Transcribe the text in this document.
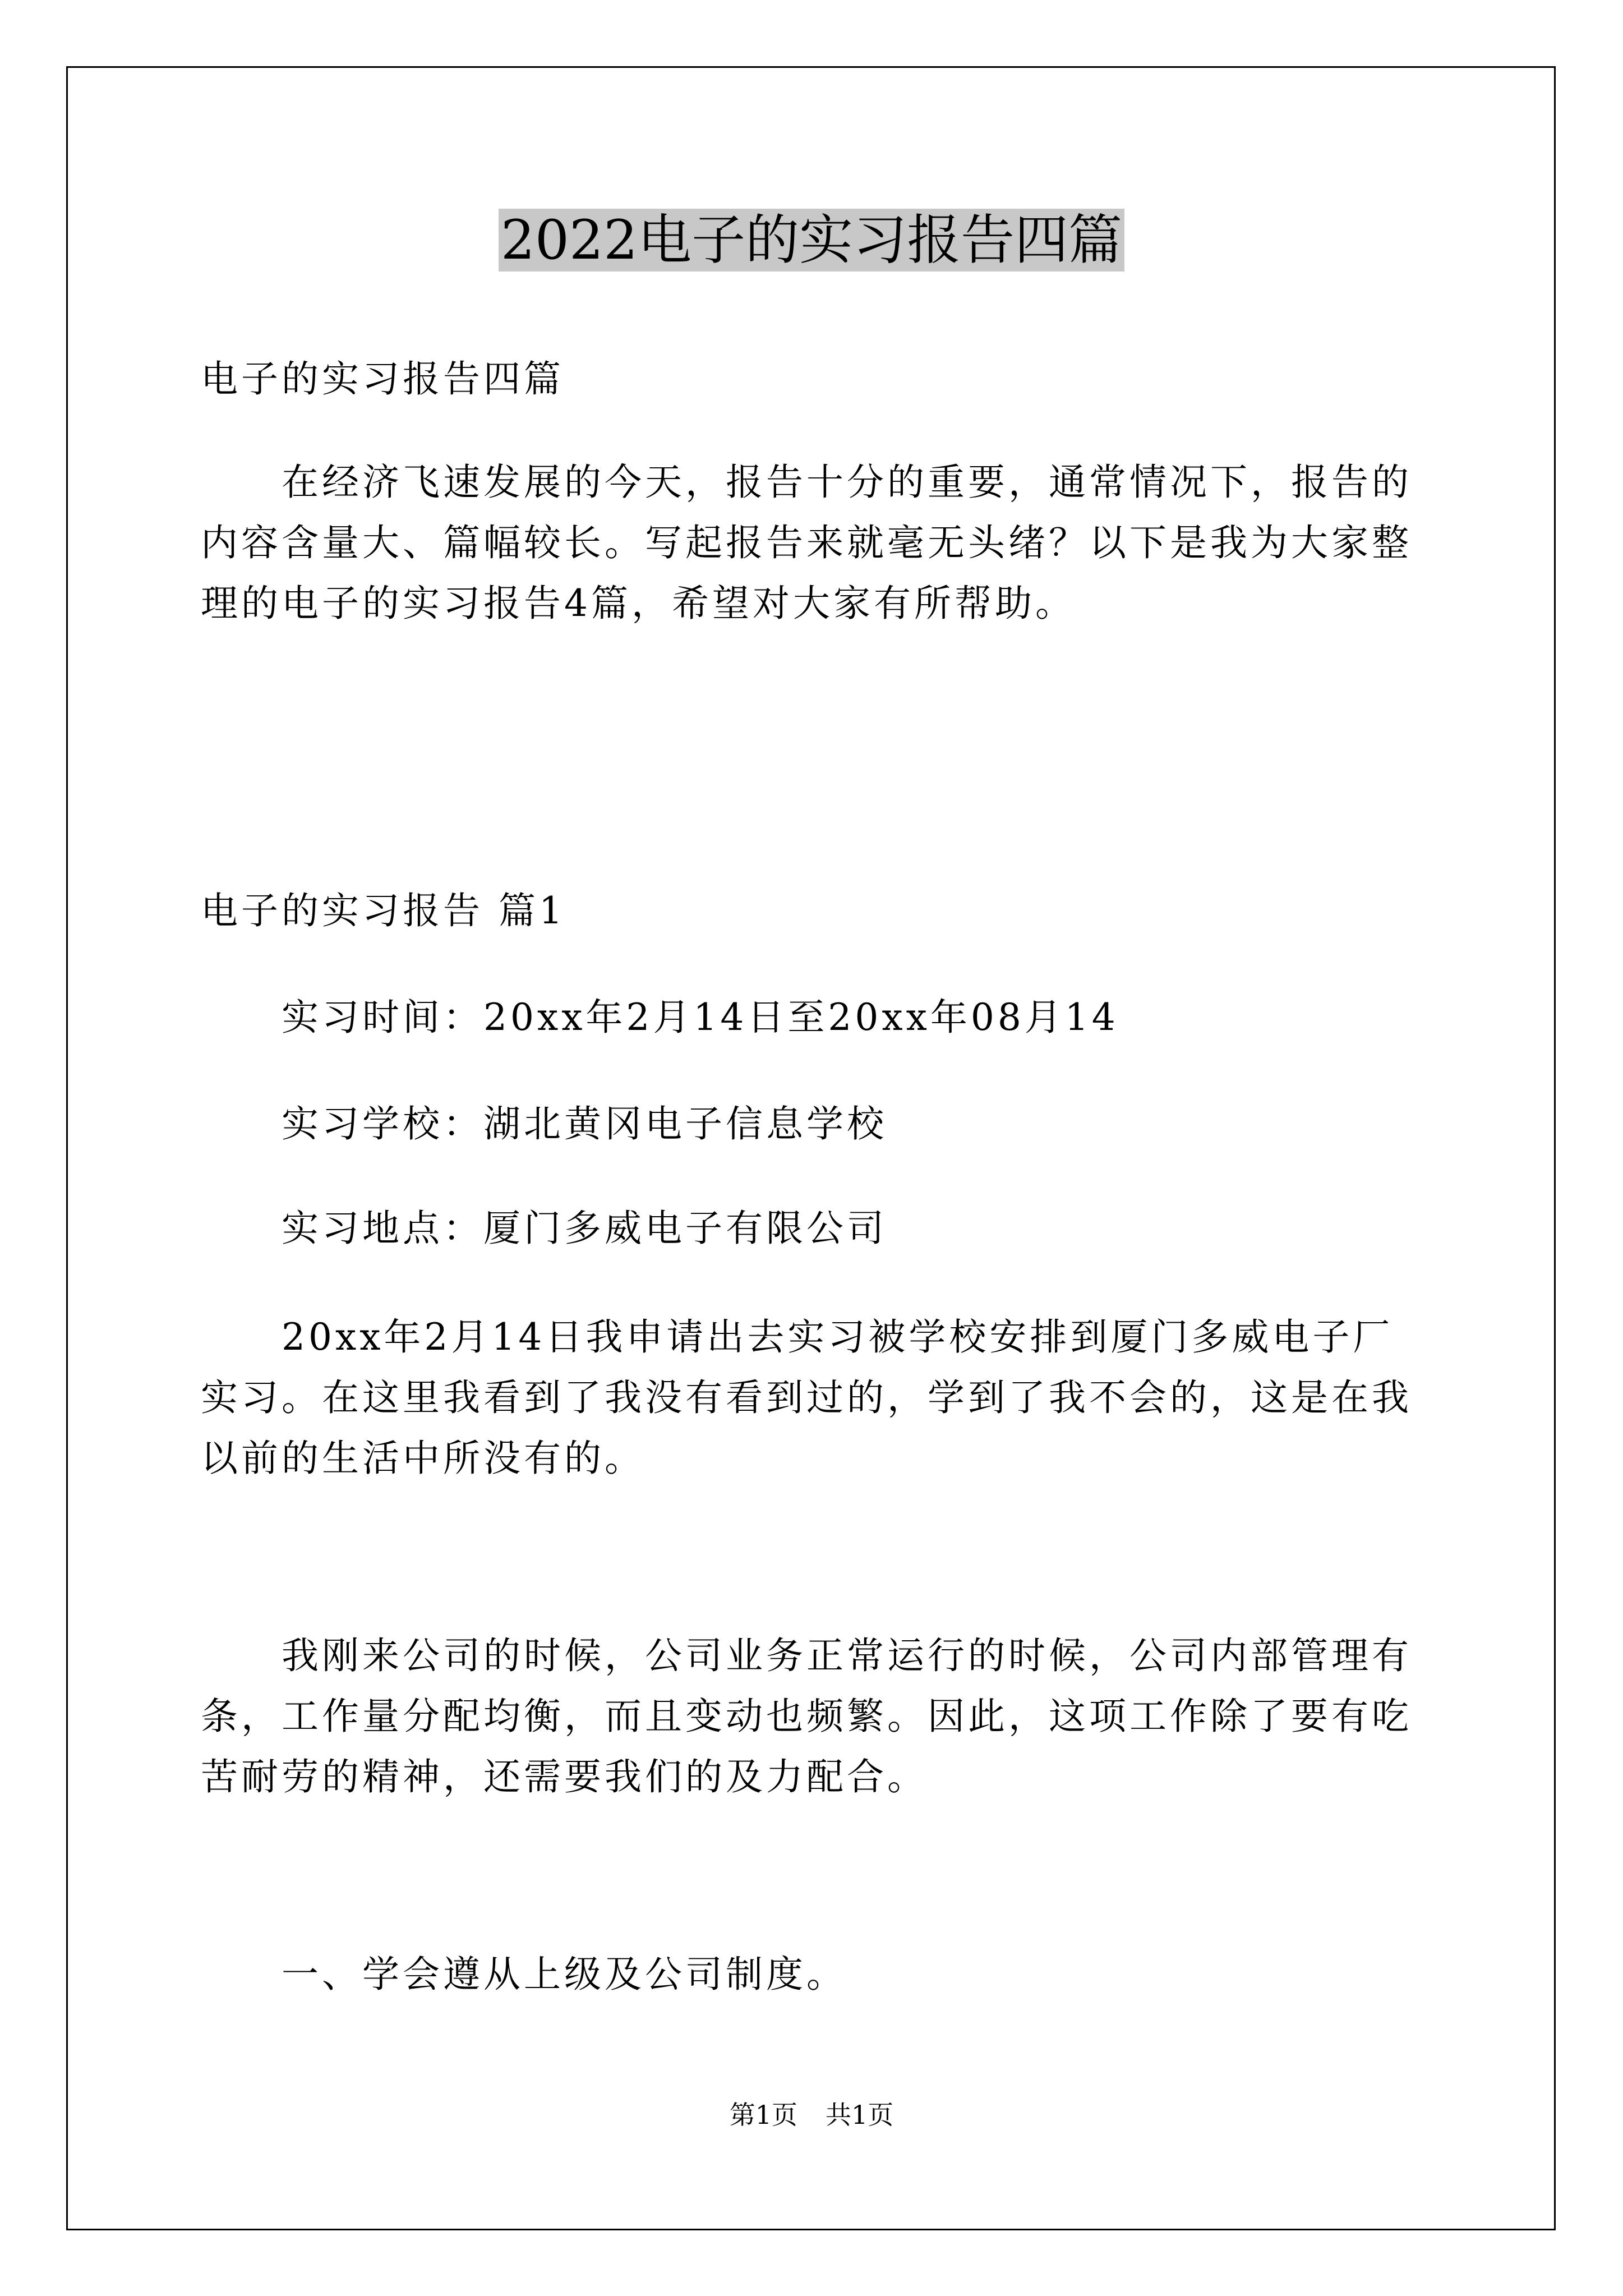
2022电子的实习报告四篇

电子的实习报告四篇

在经济飞速发展的今天，报告十分的重要，通常情况下，报告的
内容含量大、篇幅较长。写起报告来就毫无头绪？以下是我为大家整
理的电子的实习报告4篇，希望对大家有所帮助。

电子的实习报告 篇1

实习时间：20xx年2月14日至20xx年08月14

实习学校：湖北黄冈电子信息学校

实习地点：厦门多威电子有限公司

20xx年2月14日我申请出去实习被学校安排到厦门多威电子厂
实习。在这里我看到了我没有看到过的，学到了我不会的，这是在我
以前的生活中所没有的。

我刚来公司的时候，公司业务正常运行的时候，公司内部管理有
条，工作量分配均衡，而且变动也频繁。因此，这项工作除了要有吃
苦耐劳的精神，还需要我们的及力配合。

一、学会遵从上级及公司制度。

第1页 共1页
